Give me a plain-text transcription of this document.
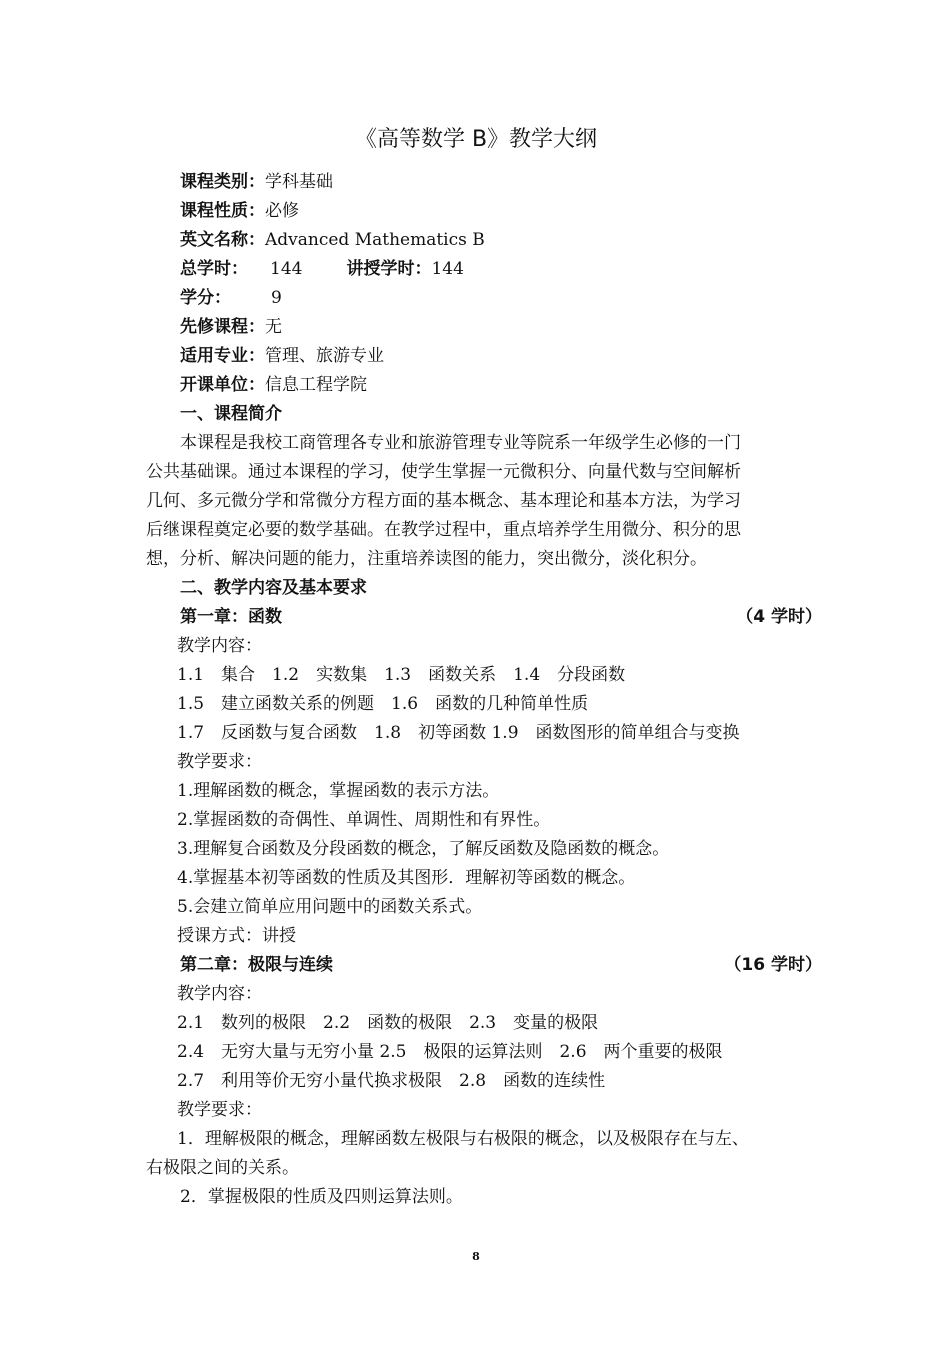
《高等数学 B》教学大纲
课程类别：学科基础
课程性质：必修
英文名称：Advanced Mathematics B
总学时： 144	讲授学时：144
学分： 9
先修课程：无
适用专业：管理、旅游专业
开课单位：信息工程学院
一、课程简介
本课程是我校工商管理各专业和旅游管理专业等院系一年级学生必修的一门
公共基础课。通过本课程的学习，使学生掌握一元微积分、向量代数与空间解析
几何、多元微分学和常微分方程方面的基本概念、基本理论和基本方法，为学习
后继课程奠定必要的数学基础。在教学过程中，重点培养学生用微分、积分的思
想，分析、解决问题的能力，注重培养读图的能力，突出微分，淡化积分。
二、教学内容及基本要求
第一章：函数	（4 学时）
教学内容：
1.1　集合　1.2　实数集　1.3　函数关系　1.4　分段函数
1.5　建立函数关系的例题　1.6　函数的几种简单性质
1.7　反函数与复合函数　1.8　初等函数 1.9　函数图形的简单组合与变换
教学要求：
1.理解函数的概念，掌握函数的表示方法。
2.掌握函数的奇偶性、单调性、周期性和有界性。
3.理解复合函数及分段函数的概念，了解反函数及隐函数的概念。
4.掌握基本初等函数的性质及其图形．理解初等函数的概念。
5.会建立简单应用问题中的函数关系式。
授课方式：讲授
第二章：极限与连续	（16 学时）
教学内容：
2.1　数列的极限　2.2　函数的极限　2.3　变量的极限
2.4　无穷大量与无穷小量 2.5　极限的运算法则　2.6　两个重要的极限
2.7　利用等价无穷小量代换求极限　2.8　函数的连续性
教学要求：
1．理解极限的概念，理解函数左极限与右极限的概念，以及极限存在与左、
右极限之间的关系。
2．掌握极限的性质及四则运算法则。
8
